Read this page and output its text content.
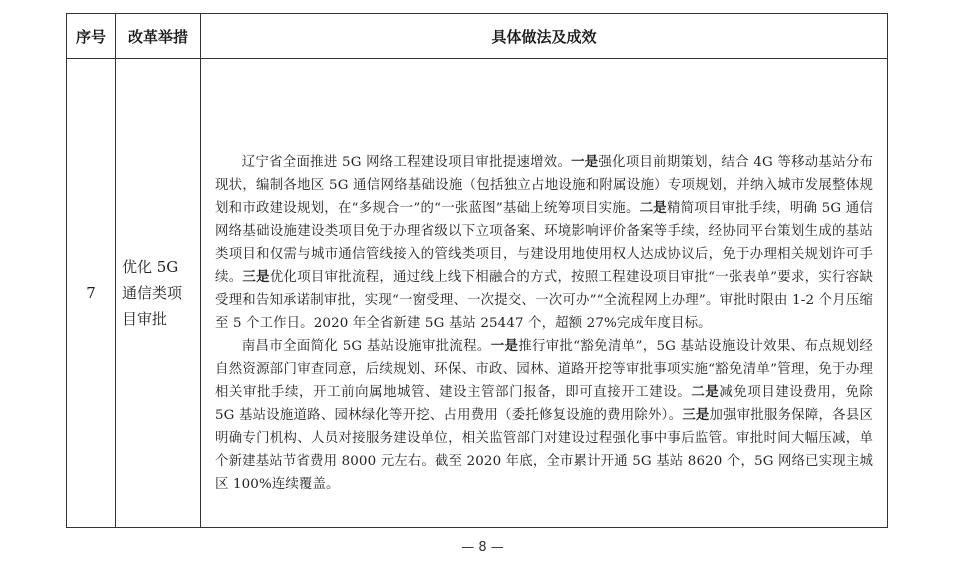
序号	改革举措	具体做法及成效
7	优化 5G 通信类项目审批	辽宁省全面推进 5G 网络工程建设项目审批提速增效。一是强化项目前期策划，结合 4G 等移动基站分布现状，编制各地区 5G 通信网络基础设施（包括独立占地设施和附属设施）专项规划，并纳入城市发展整体规划和市政建设规划，在“多规合一”的“一张蓝图”基础上统筹项目实施。二是精简项目审批手续，明确 5G 通信网络基础设施建设类项目免于办理省级以下立项备案、环境影响评价备案等手续，经协同平台策划生成的基站类项目和仅需与城市通信管线接入的管线类项目，与建设用地使用权人达成协议后，免于办理相关规划许可手续。三是优化项目审批流程，通过线上线下相融合的方式，按照工程建设项目审批“一张表单”要求，实行容缺受理和告知承诺制审批，实现“一窗受理、一次提交、一次可办”“全流程网上办理”。审批时限由 1-2 个月压缩至 5 个工作日。2020 年全省新建 5G 基站 25447 个，超额 27%完成年度目标。

南昌市全面简化 5G 基站设施审批流程。一是推行审批“豁免清单”，5G 基站设施设计效果、布点规划经自然资源部门审查同意，后续规划、环保、市政、园林、道路开挖等审批事项实施“豁免清单”管理，免于办理相关审批手续，开工前向属地城管、建设主管部门报备，即可直接开工建设。二是减免项目建设费用，免除 5G 基站设施道路、园林绿化等开挖、占用费用（委托修复设施的费用除外）。三是加强审批服务保障，各县区明确专门机构、人员对接服务建设单位，相关监管部门对建设过程强化事中事后监管。审批时间大幅压减，单个新建基站节省费用 8000 元左右。截至 2020 年底，全市累计开通 5G 基站 8620 个，5G 网络已实现主城区 100%连续覆盖。

— 8 —
